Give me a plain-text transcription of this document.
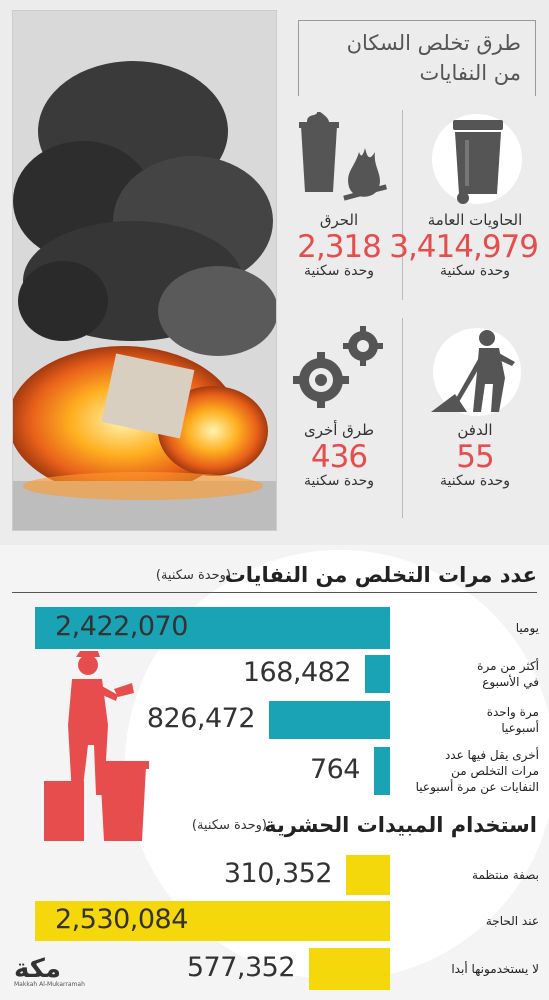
طرق تخلص السكان
من النفايات
الحاويات العامة
3,414,979
وحدة سكنية
الحرق
2,318
وحدة سكنية
الدفن
55
وحدة سكنية
طرق أخرى
436
وحدة سكنية
عدد مرات التخلص من النفايات
(وحدة سكنية)
2,422,070	يوميا
168,482	أكثر من مرة
في الأسبوع
826,472	مرة واحدة
أسبوعيا
764	أخرى يقل فيها عدد
مرات التخلص من
النفايات عن مرة أسبوعيا
استخدام المبيدات الحشرية
(وحدة سكنية)
310,352	بصفة منتظمة
2,530,084	عند الحاجة
577,352	لا يستخدمونها أبدا
مكة
Makkah Al-Mukarramah
